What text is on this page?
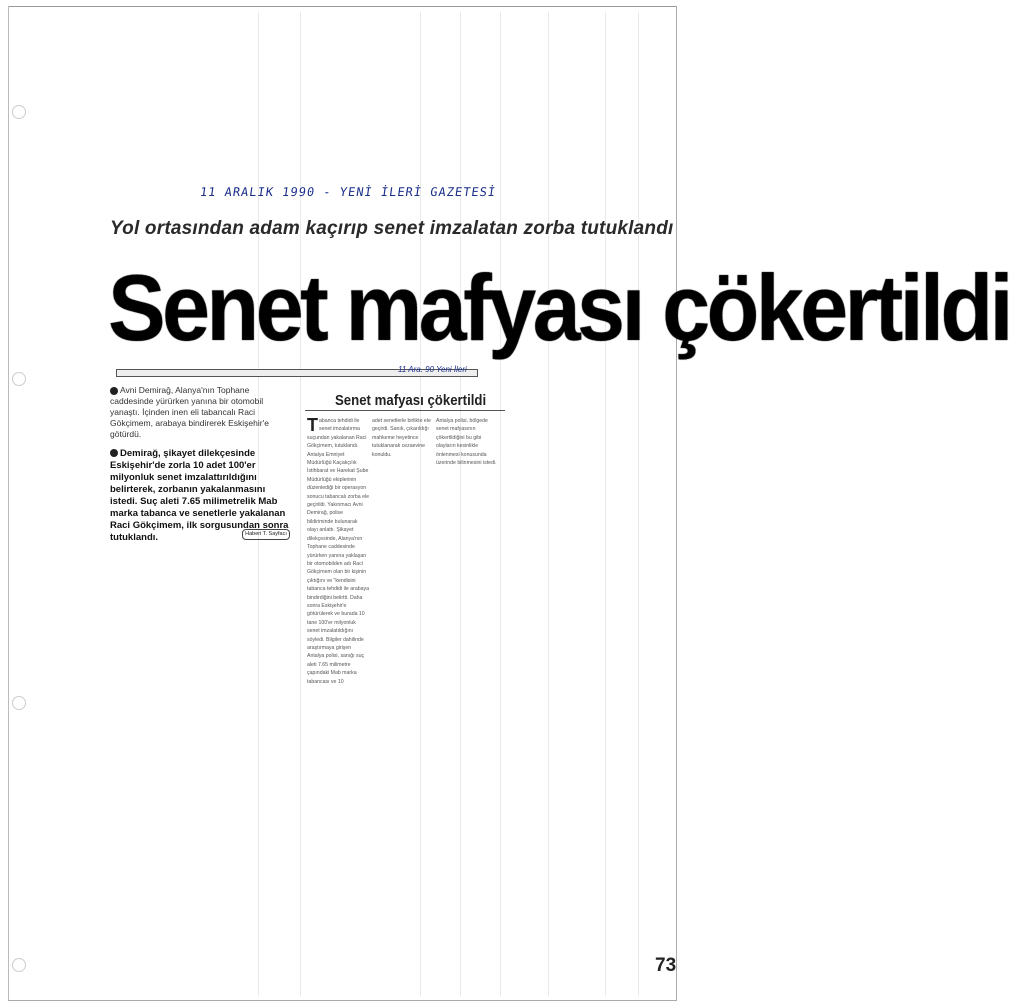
11 ARALIK 1990 - YENİ İLERİ GAZETESİ
Yol ortasından adam kaçırıp senet imzalatan zorba tutuklandı
Senet mafyası çökertildi
11 Ara. 90 Yeni İleri
Avni Demirağ, Alanya'nın Tophane caddesinde yürürken yanına bir otomobil yanaştı. İçinden inen eli tabancalı Raci Gökçimem, arabaya bindirerek Eskişehir'e götürdü.
Demirağ, şikayet dilekçesinde Eskişehir'de zorla 10 adet 100'er milyonluk senet imzalattırıldığını belirterek, zorbanın yakalanmasını istedi. Suç aleti 7.65 milimetrelik Mab marka tabanca ve senetlerle yakalanan Raci Gökçimem, ilk sorgusundan sonra tutuklandı.	Haberi T. Sayfacı
Senet mafyası çökertildi
Tabanca tehdidi ile senet imzalatırma suçundan yakalanan Raci Gökçimem, tutuklandı. Antalya Emniyet Müdürlüğü Kaçakçılık İstihbarat ve Harekat Şube Müdürlüğü ekiplerinin düzenlediği bir operasyon sonucu tabancalı zorba ele geçirildi. Yakınmacı Avni Demirağ, polise bildiriminde bulunarak olayı anlattı. Şikayet dilekçesinde, Alanya'nın Tophane caddesinde yürürken yanına yaklaşan bir otomobilden adı Raci Gökçimem olan bir kişinin çıktığını ve "kendisini tabanca tehdidi ile arabaya bindirdiğini belirtti. Daha sonra Eskişehir'e götürülerek ve burada 10 tane 100'er milyonluk senet imzalatıldığını söyledi. Bilgiler dahilinde araştırmaya girişen Antalya polisi, sanığı suç aleti 7.65 milimetre çapındaki Mab marka tabancası ve 10
adet senetlerle birlikte ele geçirdi. Sanık, çıkarıldığı mahkeme heyetince tutuklanarak cezaevine konuldu.
Antalya polisi, bölgede senet mafyasının çökertildiğini bu gibi olayların kesinlikle önlenmesi konusunda üzerinde bilinmesini istedi.
73
